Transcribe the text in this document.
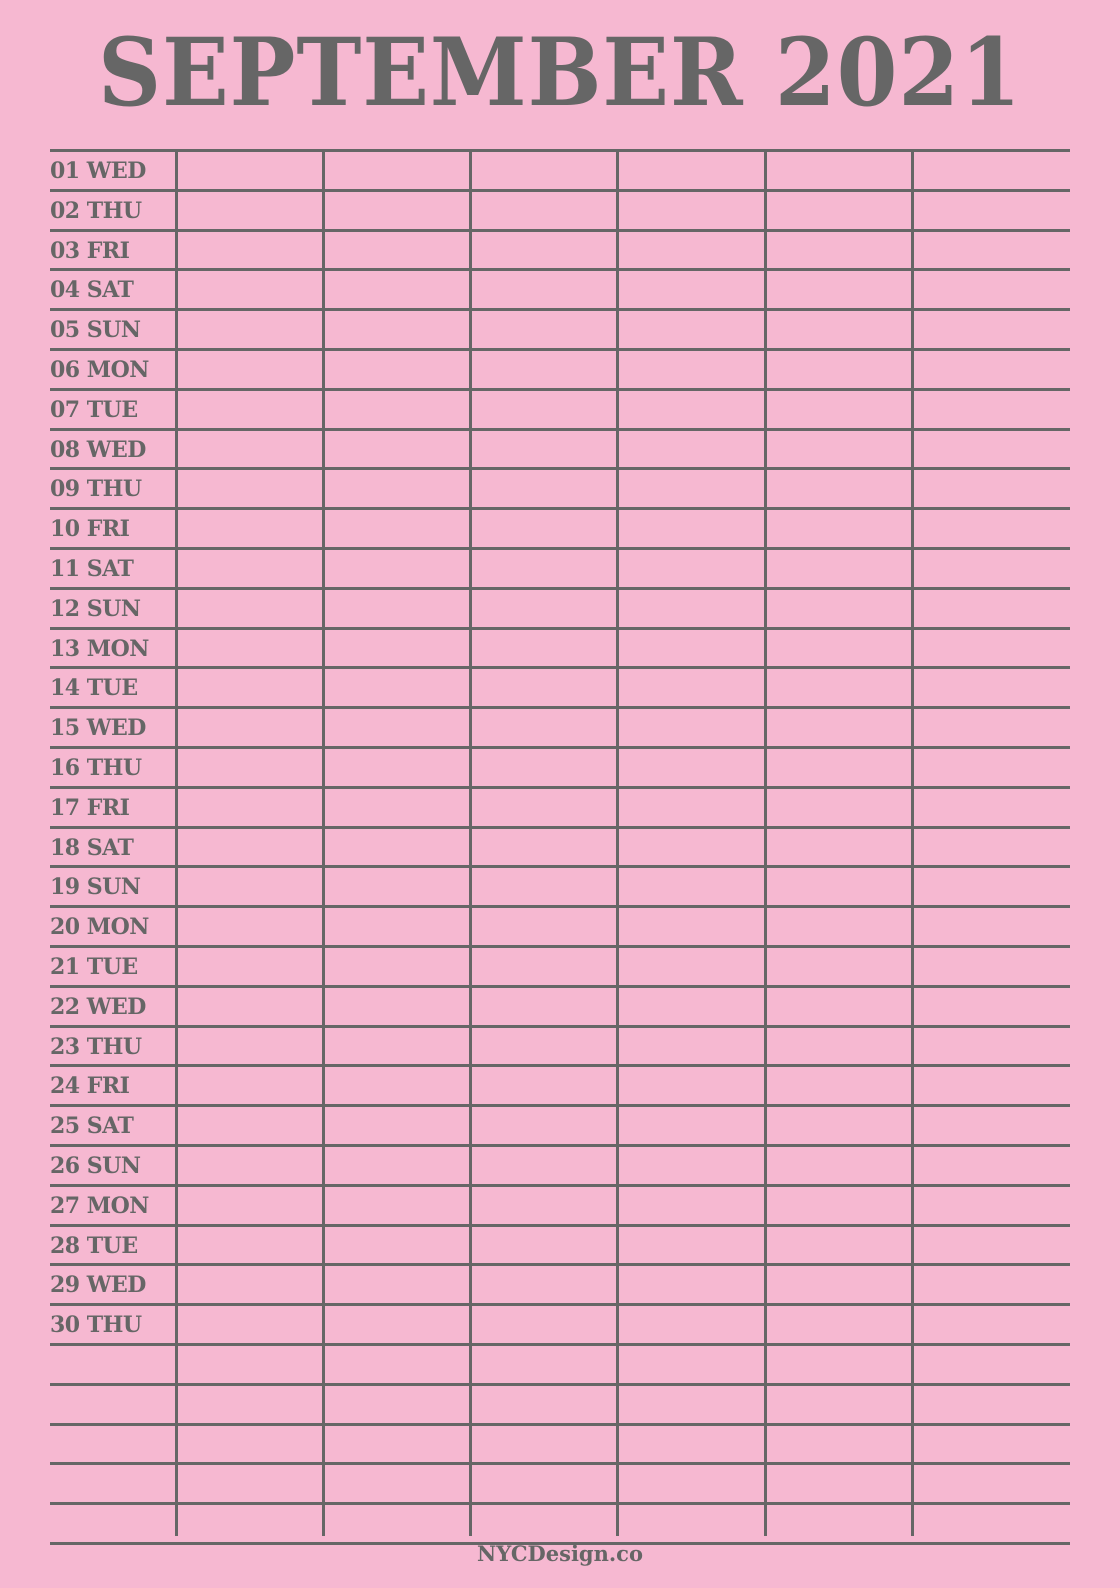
SEPTEMBER 2021
01 WED
02 THU
03 FRI
04 SAT
05 SUN
06 MON
07 TUE
08 WED
09 THU
10 FRI
11 SAT
12 SUN
13 MON
14 TUE
15 WED
16 THU
17 FRI
18 SAT
19 SUN
20 MON
21 TUE
22 WED
23 THU
24 FRI
25 SAT
26 SUN
27 MON
28 TUE
29 WED
30 THU
NYCDesign.co
